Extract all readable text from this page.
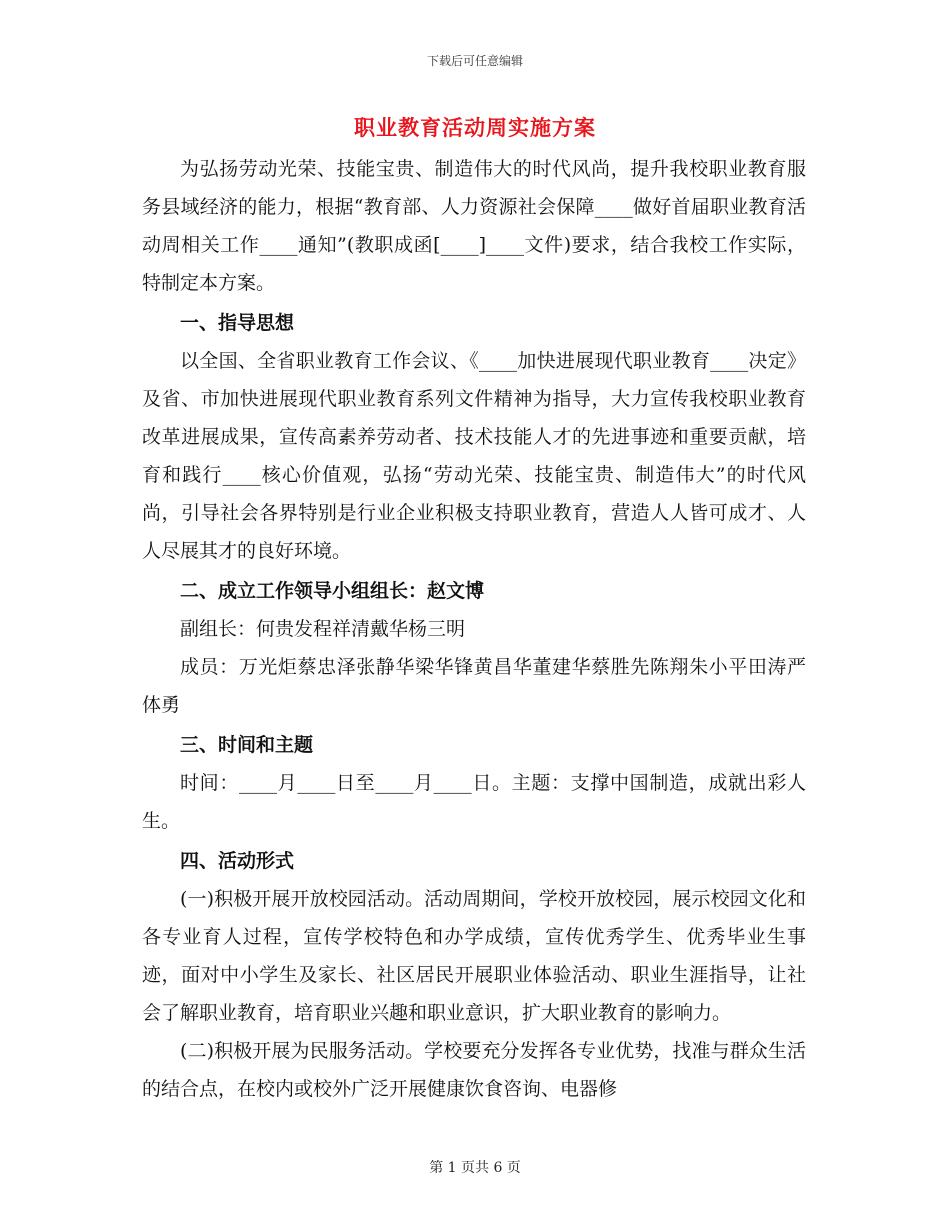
下载后可任意编辑
职业教育活动周实施方案

为弘扬劳动光荣、技能宝贵、制造伟大的时代风尚，提升我校职业教育服务县域经济的能力，根据“教育部、人力资源社会保障____做好首届职业教育活动周相关工作____通知”(教职成函[____]____文件)要求，结合我校工作实际，特制定本方案。

一、指导思想

以全国、全省职业教育工作会议、《____加快进展现代职业教育____决定》及省、市加快进展现代职业教育系列文件精神为指导，大力宣传我校职业教育改革进展成果，宣传高素养劳动者、技术技能人才的先进事迹和重要贡献，培育和践行____核心价值观，弘扬“劳动光荣、技能宝贵、制造伟大”的时代风尚，引导社会各界特别是行业企业积极支持职业教育，营造人人皆可成才、人人尽展其才的良好环境。

二、成立工作领导小组组长：赵文博

副组长：何贵发程祥清戴华杨三明

成员：万光炬蔡忠泽张静华梁华锋黄昌华董建华蔡胜先陈翔朱小平田涛严体勇

三、时间和主题

时间：____月____日至____月____日。主题：支撑中国制造，成就出彩人生。

四、活动形式

(一)积极开展开放校园活动。活动周期间，学校开放校园，展示校园文化和各专业育人过程，宣传学校特色和办学成绩，宣传优秀学生、优秀毕业生事迹，面对中小学生及家长、社区居民开展职业体验活动、职业生涯指导，让社会了解职业教育，培育职业兴趣和职业意识，扩大职业教育的影响力。

(二)积极开展为民服务活动。学校要充分发挥各专业优势，找准与群众生活的结合点，在校内或校外广泛开展健康饮食咨询、电器修

第 1 页共 6 页
